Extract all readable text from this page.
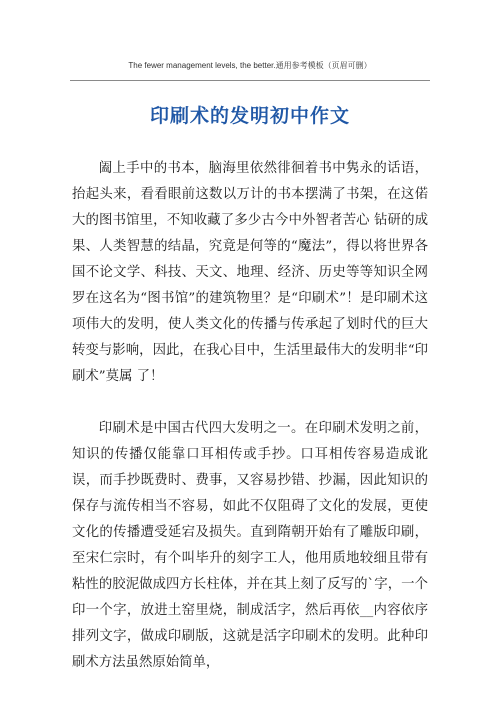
The fewer management levels, the better.通用参考模板（页眉可删）
印刷术的发明初中作文

阖上手中的书本，脑海里依然徘徊着书中隽永的话语，抬起头来，看看眼前这数以万计的书本摆满了书架，在这偌大的图书馆里，不知收藏了多少古今中外智者苦心 钻研的成果、人类智慧的结晶，究竟是何等的“魔法”，得以将世界各国不论文学、科技、天文、地理、经济、历史等等知识全网罗在这名为“图书馆”的建筑物里？是“印刷术”！是印刷术这项伟大的发明，使人类文化的传播与传承起了划时代的巨大转变与影响，因此，在我心目中，生活里最伟大的发明非“印刷术”莫属 了！

印刷术是中国古代四大发明之一。在印刷术发明之前，知识的传播仅能靠口耳相传或手抄。口耳相传容易造成讹误，而手抄既费时、费事，又容易抄错、抄漏，因此知识的保存与流传相当不容易，如此不仅阻碍了文化的发展，更使文化的传播遭受延宕及损失。直到隋朝开始有了雕版印刷，至宋仁宗时，有个叫毕升的刻字工人，他用质地较细且带有粘性的胶泥做成四方长柱体，并在其上刻了反写的`字，一个印一个字，放进土窑里烧，制成活字，然后再依__内容依序排列文字，做成印刷版，这就是活字印刷术的发明。此种印刷术方法虽然原始简单，
